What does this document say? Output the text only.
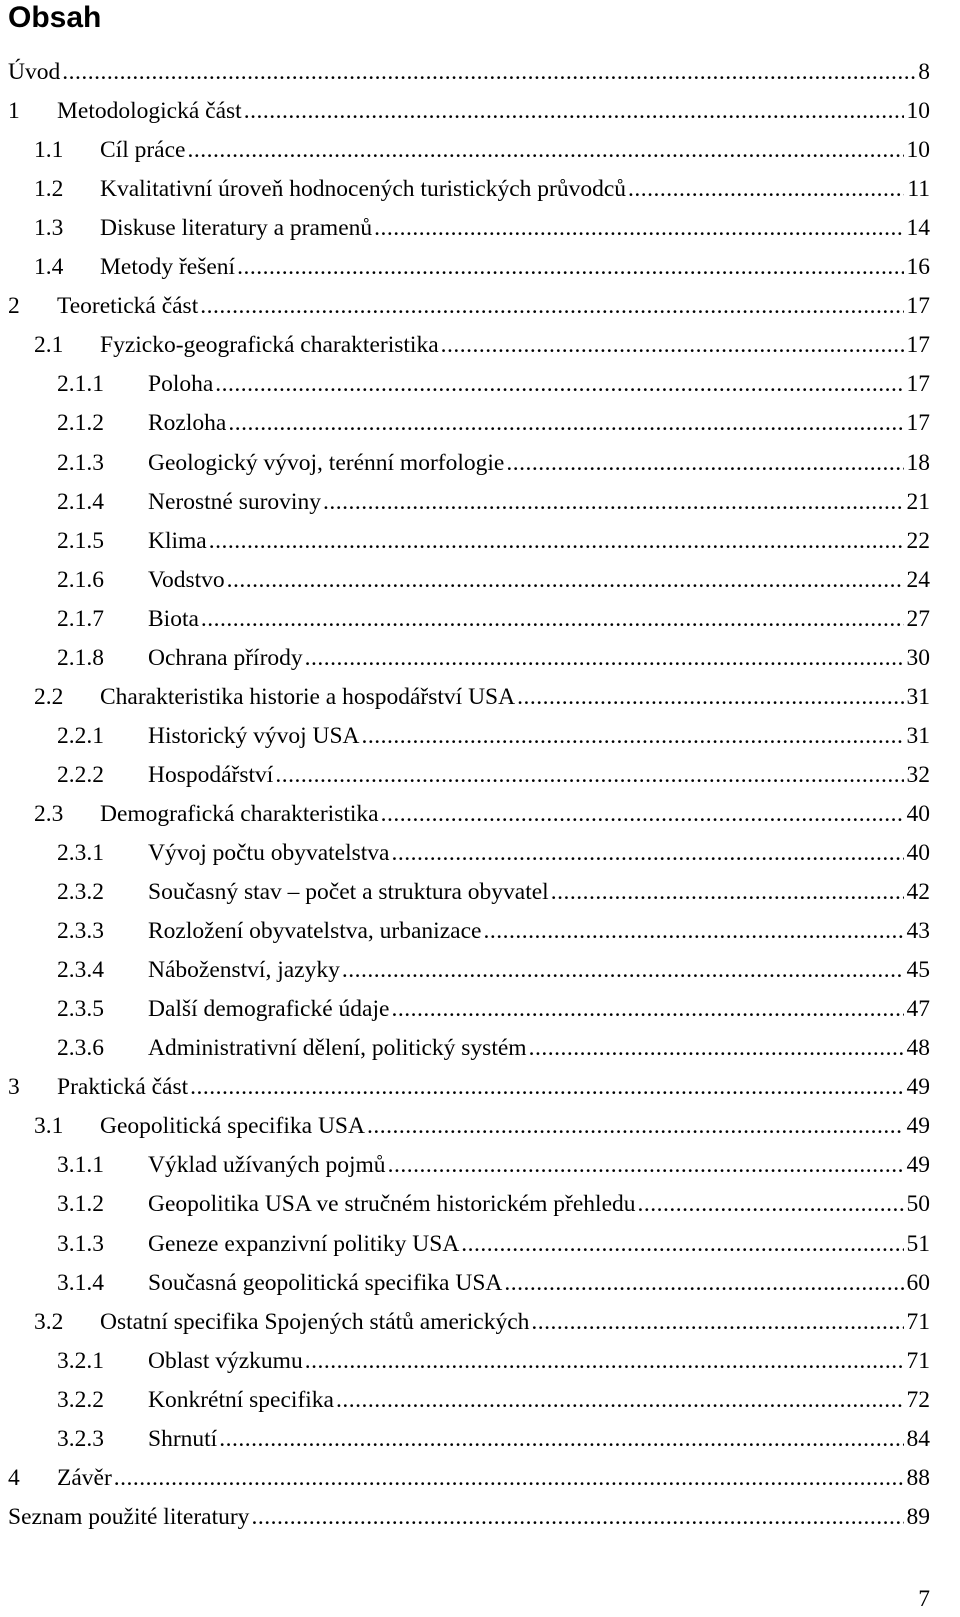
Obsah
Úvod .....	8
1 Metodologická část .....	10
1.1 Cíl práce .....	10
1.2 Kvalitativní úroveň hodnocených turistických průvodců .....	11
1.3 Diskuse literatury a pramenů .....	14
1.4 Metody řešení .....	16
2 Teoretická část .....	17
2.1 Fyzicko-geografická charakteristika .....	17
2.1.1 Poloha .....	17
2.1.2 Rozloha .....	17
2.1.3 Geologický vývoj, terénní morfologie .....	18
2.1.4 Nerostné suroviny .....	21
2.1.5 Klima .....	22
2.1.6 Vodstvo .....	24
2.1.7 Biota .....	27
2.1.8 Ochrana přírody .....	30
2.2 Charakteristika historie a hospodářství USA .....	31
2.2.1 Historický vývoj USA .....	31
2.2.2 Hospodářství .....	32
2.3 Demografická charakteristika .....	40
2.3.1 Vývoj počtu obyvatelstva .....	40
2.3.2 Současný stav – počet a struktura obyvatel .....	42
2.3.3 Rozložení obyvatelstva, urbanizace .....	43
2.3.4 Náboženství, jazyky .....	45
2.3.5 Další demografické údaje .....	47
2.3.6 Administrativní dělení, politický systém .....	48
3 Praktická část .....	49
3.1 Geopolitická specifika USA .....	49
3.1.1 Výklad užívaných pojmů .....	49
3.1.2 Geopolitika USA ve stručném historickém přehledu .....	50
3.1.3 Geneze expanzivní politiky USA .....	51
3.1.4 Současná geopolitická specifika USA .....	60
3.2 Ostatní specifika Spojených států amerických .....	71
3.2.1 Oblast výzkumu .....	71
3.2.2 Konkrétní specifika .....	72
3.2.3 Shrnutí .....	84
4 Závěr .....	88
Seznam použité literatury .....	89
7
